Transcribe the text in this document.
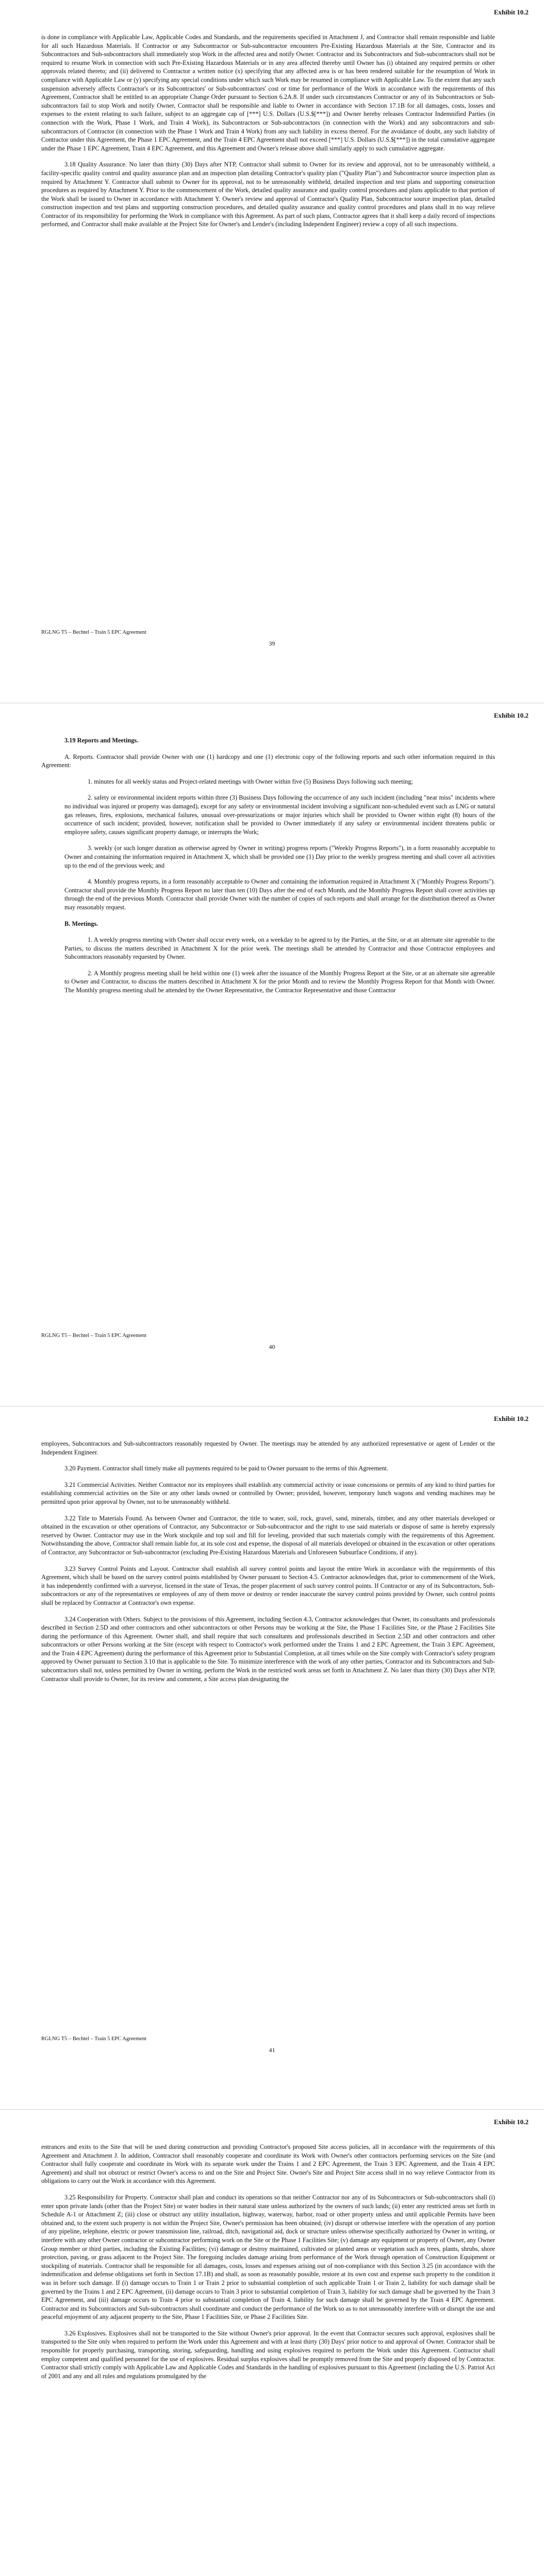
Exhibit 10.2

is done in compliance with Applicable Law, Applicable Codes and Standards, and the requirements specified in Attachment J, and Contractor shall remain responsible and liable for all such Hazardous Materials. If Contractor or any Subcontractor or Sub-subcontractor encounters Pre-Existing Hazardous Materials at the Site, Contractor and its Subcontractors and Sub-subcontractors shall immediately stop Work in the affected area and notify Owner. Contractor and its Subcontractors and Sub-subcontractors shall not be required to resume Work in connection with such Pre-Existing Hazardous Materials or in any area affected thereby until Owner has (i) obtained any required permits or other approvals related thereto; and (ii) delivered to Contractor a written notice (x) specifying that any affected area is or has been rendered suitable for the resumption of Work in compliance with Applicable Law or (y) specifying any special conditions under which such Work may be resumed in compliance with Applicable Law. To the extent that any such suspension adversely affects Contractor's or its Subcontractors' or Sub-subcontractors' cost or time for performance of the Work in accordance with the requirements of this Agreement, Contractor shall be entitled to an appropriate Change Order pursuant to Section 6.2A.8. If under such circumstances Contractor or any of its Subcontractors or Sub-subcontractors fail to stop Work and notify Owner, Contractor shall be responsible and liable to Owner in accordance with Section 17.1B for all damages, costs, losses and expenses to the extent relating to such failure, subject to an aggregate cap of [***] U.S. Dollars (U.S.$[***]) and Owner hereby releases Contractor Indemnified Parties (in connection with the Work, Phase 1 Work, and Train 4 Work), its Subcontractors or Sub-subcontractors (in connection with the Work) and any subcontractors and sub-subcontractors of Contractor (in connection with the Phase 1 Work and Train 4 Work) from any such liability in excess thereof. For the avoidance of doubt, any such liability of Contractor under this Agreement, the Phase 1 EPC Agreement, and the Train 4 EPC Agreement shall not exceed [***] U.S. Dollars (U.S.$[***]) in the total cumulative aggregate under the Phase 1 EPC Agreement, Train 4 EPC Agreement, and this Agreement and Owner's release above shall similarly apply to such cumulative aggregate.

3.18 Quality Assurance. No later than thirty (30) Days after NTP, Contractor shall submit to Owner for its review and approval, not to be unreasonably withheld, a facility-specific quality control and quality assurance plan and an inspection plan detailing Contractor's quality plan ("Quality Plan") and Subcontractor source inspection plan as required by Attachment Y. Contractor shall submit to Owner for its approval, not to be unreasonably withheld, detailed inspection and test plans and supporting construction procedures as required by Attachment Y. Prior to the commencement of the Work, detailed quality assurance and quality control procedures and plans applicable to that portion of the Work shall be issued to Owner in accordance with Attachment Y. Owner's review and approval of Contractor's Quality Plan, Subcontractor source inspection plan, detailed construction inspection and test plans and supporting construction procedures, and detailed quality assurance and quality control procedures and plans shall in no way relieve Contractor of its responsibility for performing the Work in compliance with this Agreement. As part of such plans, Contractor agrees that it shall keep a daily record of inspections performed, and Contractor shall make available at the Project Site for Owner's and Lender's (including Independent Engineer) review a copy of all such inspections.

RGLNG T5 – Bechtel – Train 5 EPC Agreement
39
Exhibit 10.2

3.19 Reports and Meetings.

A. Reports. Contractor shall provide Owner with one (1) hardcopy and one (1) electronic copy of the following reports and such other information required in this Agreement:

1. minutes for all weekly status and Project-related meetings with Owner within five (5) Business Days following such meeting;

2. safety or environmental incident reports within three (3) Business Days following the occurrence of any such incident (including "near miss" incidents where no individual was injured or property was damaged), except for any safety or environmental incident involving a significant non-scheduled event such as LNG or natural gas releases, fires, explosions, mechanical failures, unusual over-pressurizations or major injuries which shall be provided to Owner within eight (8) hours of the occurrence of such incident; provided, however, notification shall be provided to Owner immediately if any safety or environmental incident threatens public or employee safety, causes significant property damage, or interrupts the Work;

3. weekly (or such longer duration as otherwise agreed by Owner in writing) progress reports ("Weekly Progress Reports"), in a form reasonably acceptable to Owner and containing the information required in Attachment X, which shall be provided one (1) Day prior to the weekly progress meeting and shall cover all activities up to the end of the previous week; and

4. Monthly progress reports, in a form reasonably acceptable to Owner and containing the information required in Attachment X ("Monthly Progress Reports"). Contractor shall provide the Monthly Progress Report no later than ten (10) Days after the end of each Month, and the Monthly Progress Report shall cover activities up through the end of the previous Month. Contractor shall provide Owner with the number of copies of such reports and shall arrange for the distribution thereof as Owner may reasonably request.

B. Meetings.

1. A weekly progress meeting with Owner shall occur every week, on a weekday to be agreed to by the Parties, at the Site, or at an alternate site agreeable to the Parties, to discuss the matters described in Attachment X for the prior week. The meetings shall be attended by Contractor and those Contractor employees and Subcontractors reasonably requested by Owner.

2. A Monthly progress meeting shall be held within one (1) week after the issuance of the Monthly Progress Report at the Site, or at an alternate site agreeable to Owner and Contractor, to discuss the matters described in Attachment X for the prior Month and to review the Monthly Progress Report for that Month with Owner. The Monthly progress meeting shall be attended by the Owner Representative, the Contractor Representative and those Contractor

RGLNG T5 – Bechtel – Train 5 EPC Agreement
40
Exhibit 10.2

employees, Subcontractors and Sub-subcontractors reasonably requested by Owner. The meetings may be attended by any authorized representative or agent of Lender or the Independent Engineer.

3.20 Payment. Contractor shall timely make all payments required to be paid to Owner pursuant to the terms of this Agreement.

3.21 Commercial Activities. Neither Contractor nor its employees shall establish any commercial activity or issue concessions or permits of any kind to third parties for establishing commercial activities on the Site or any other lands owned or controlled by Owner; provided, however, temporary lunch wagons and vending machines may be permitted upon prior approval by Owner, not to be unreasonably withheld.

3.22 Title to Materials Found. As between Owner and Contractor, the title to water, soil, rock, gravel, sand, minerals, timber, and any other materials developed or obtained in the excavation or other operations of Contractor, any Subcontractor or Sub-subcontractor and the right to use said materials or dispose of same is hereby expressly reserved by Owner. Contractor may use in the Work stockpile and top soil and fill for leveling, provided that such materials comply with the requirements of this Agreement. Notwithstanding the above, Contractor shall remain liable for, at its sole cost and expense, the disposal of all materials developed or obtained in the excavation or other operations of Contractor, any Subcontractor or Sub-subcontractor (excluding Pre-Existing Hazardous Materials and Unforeseen Subsurface Conditions, if any).

3.23 Survey Control Points and Layout. Contractor shall establish all survey control points and layout the entire Work in accordance with the requirements of this Agreement, which shall be based on the survey control points established by Owner pursuant to Section 4.5. Contractor acknowledges that, prior to commencement of the Work, it has independently confirmed with a surveyor, licensed in the state of Texas, the proper placement of such survey control points. If Contractor or any of its Subcontractors, Sub-subcontractors or any of the representatives or employees of any of them move or destroy or render inaccurate the survey control points provided by Owner, such control points shall be replaced by Contractor at Contractor's own expense.

3.24 Cooperation with Others. Subject to the provisions of this Agreement, including Section 4.3, Contractor acknowledges that Owner, its consultants and professionals described in Section 2.5D and other contractors and other subcontractors or other Persons may be working at the Site, the Phase 1 Facilities Site, or the Phase 2 Facilities Site during the performance of this Agreement. Owner shall, and shall require that such consultants and professionals described in Section 2.5D and other contractors and other subcontractors or other Persons working at the Site (except with respect to Contractor's work performed under the Trains 1 and 2 EPC Agreement, the Train 3 EPC Agreement, and the Train 4 EPC Agreement) during the performance of this Agreement prior to Substantial Completion, at all times while on the Site comply with Contractor's safety program approved by Owner pursuant to Section 3.10 that is applicable to the Site. To minimize interference with the work of any other parties, Contractor and its Subcontractors and Sub-subcontractors shall not, unless permitted by Owner in writing, perform the Work in the restricted work areas set forth in Attachment Z. No later than thirty (30) Days after NTP, Contractor shall provide to Owner, for its review and comment, a Site access plan designating the

RGLNG T5 – Bechtel – Train 5 EPC Agreement
41
Exhibit 10.2

entrances and exits to the Site that will be used during construction and providing Contractor's proposed Site access policies, all in accordance with the requirements of this Agreement and Attachment J. In addition, Contractor shall reasonably cooperate and coordinate its Work with Owner's other contractors performing services on the Site (and Contractor shall fully cooperate and coordinate its Work with its separate work under the Trains 1 and 2 EPC Agreement, the Train 3 EPC Agreement, and the Train 4 EPC Agreement) and shall not obstruct or restrict Owner's access to and on the Site and Project Site. Owner's Site and Project Site access shall in no way relieve Contractor from its obligations to carry out the Work in accordance with this Agreement.

3.25 Responsibility for Property. Contractor shall plan and conduct its operations so that neither Contractor nor any of its Subcontractors or Sub-subcontractors shall (i) enter upon private lands (other than the Project Site) or water bodies in their natural state unless authorized by the owners of such lands; (ii) enter any restricted areas set forth in Schedule A-1 or Attachment Z; (iii) close or obstruct any utility installation, highway, waterway, harbor, road or other property unless and until applicable Permits have been obtained and, to the extent such property is not within the Project Site, Owner's permission has been obtained; (iv) disrupt or otherwise interfere with the operation of any portion of any pipeline, telephone, electric or power transmission line, railroad, ditch, navigational aid, dock or structure unless otherwise specifically authorized by Owner in writing, or interfere with any other Owner contractor or subcontractor performing work on the Site or the Phase 1 Facilities Site; (v) damage any equipment or property of Owner, any Owner Group member or third parties, including the Existing Facilities; (vi) damage or destroy maintained, cultivated or planted areas or vegetation such as trees, plants, shrubs, shore protection, paving, or grass adjacent to the Project Site. The foregoing includes damage arising from performance of the Work through operation of Construction Equipment or stockpiling of materials. Contractor shall be responsible for all damages, costs, losses and expenses arising out of non-compliance with this Section 3.25 (in accordance with the indemnification and defense obligations set forth in Section 17.1B) and shall, as soon as reasonably possible, restore at its own cost and expense such property to the condition it was in before such damage. If (i) damage occurs to Train 1 or Train 2 prior to substantial completion of such applicable Train 1 or Train 2, liability for such damage shall be governed by the Trains 1 and 2 EPC Agreement, (ii) damage occurs to Train 3 prior to substantial completion of Train 3, liability for such damage shall be governed by the Train 3 EPC Agreement, and (iii) damage occurs to Train 4 prior to substantial completion of Train 4, liability for such damage shall be governed by the Train 4 EPC Agreement. Contractor and its Subcontractors and Sub-subcontractors shall coordinate and conduct the performance of the Work so as to not unreasonably interfere with or disrupt the use and peaceful enjoyment of any adjacent property to the Site, Phase 1 Facilities Site, or Phase 2 Facilities Site.

3.26 Explosives. Explosives shall not be transported to the Site without Owner's prior approval. In the event that Contractor secures such approval, explosives shall be transported to the Site only when required to perform the Work under this Agreement and with at least thirty (30) Days' prior notice to and approval of Owner. Contractor shall be responsible for properly purchasing, transporting, storing, safeguarding, handling and using explosives required to perform the Work under this Agreement. Contractor shall employ competent and qualified personnel for the use of explosives. Residual surplus explosives shall be promptly removed from the Site and properly disposed of by Contractor. Contractor shall strictly comply with Applicable Law and Applicable Codes and Standards in the handling of explosives pursuant to this Agreement (including the U.S. Patriot Act of 2001 and any and all rules and regulations promulgated by the
